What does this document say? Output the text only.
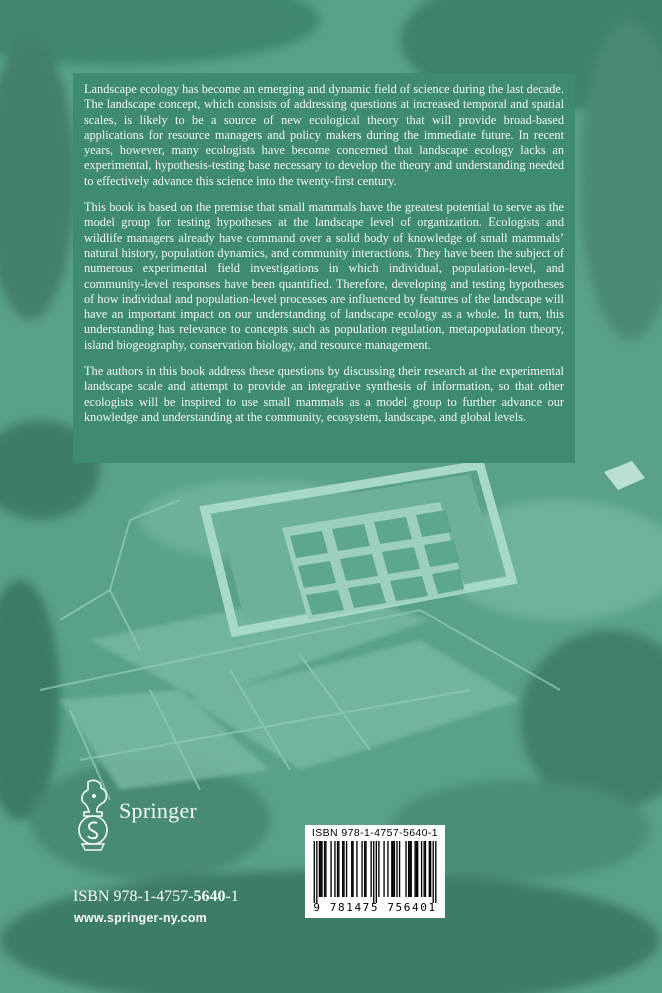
Landscape ecology has become an emerging and dynamic field of science during the last decade. The landscape concept, which consists of addressing questions at increased temporal and spatial scales, is likely to be a source of new ecological theory that will provide broad-based applications for resource managers and policy makers during the immediate future. In recent years, however, many ecologists have become concerned that landscape ecology lacks an experimental, hypothesis-testing base necessary to develop the theory and understanding needed to effectively advance this science into the twenty-first century.

This book is based on the premise that small mammals have the greatest potential to serve as the model group for testing hypotheses at the landscape level of organization. Ecologists and wildlife managers already have command over a solid body of knowledge of small mammals’ natural history, population dynamics, and community interactions. They have been the subject of numerous experimental field investigations in which individual, population-level, and community-level responses have been quantified. Therefore, developing and testing hypotheses of how individual and population-level processes are influenced by features of the landscape will have an important impact on our understanding of landscape ecology as a whole. In turn, this understanding has relevance to concepts such as population regulation, metapopulation theory, island biogeography, conservation biology, and resource management.

The authors in this book address these questions by discussing their research at the experimental landscape scale and attempt to provide an integrative synthesis of information, so that other ecologists will be inspired to use small mammals as a model group to further advance our knowledge and understanding at the community, ecosystem, landscape, and global levels.

Springer
ISBN 978-1-4757-5640-1
www.springer-ny.com
ISBN 978-1-4757-5640-1
9 781475 756401
